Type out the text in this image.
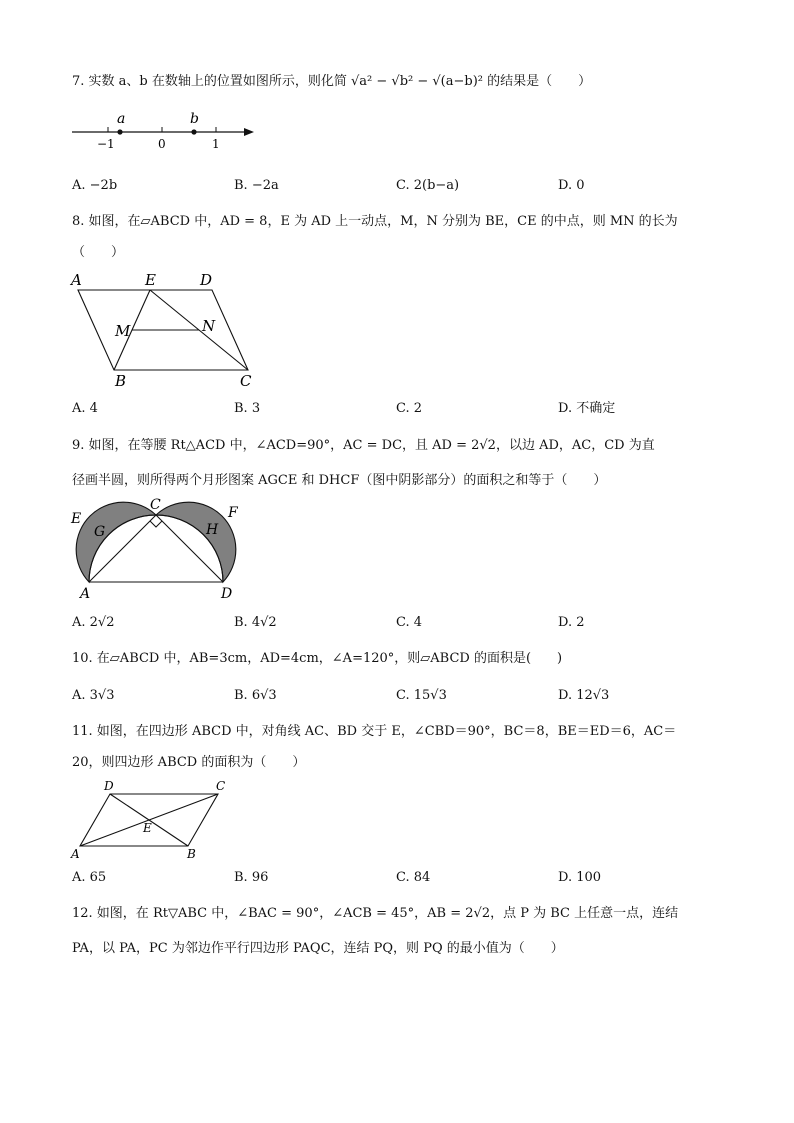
7. 实数 a、b 在数轴上的位置如图所示，则化简 √a² − √b² − √(a−b)² 的结果是（　　）
a	b
−1	0	1
A. −2b	B. −2a	C. 2(b−a)	D. 0
8. 如图，在▱ABCD 中，AD = 8，E 为 AD 上一动点，M，N 分别为 BE，CE 的中点，则 MN 的长为
（　　）
A	E	D
M	N
B	C
A. 4	B. 3	C. 2	D. 不确定
9. 如图，在等腰 Rt△ACD 中，∠ACD=90°，AC = DC，且 AD = 2√2，以边 AD，AC，CD 为直
径画半圆，则所得两个月形图案 AGCE 和 DHCF（图中阴影部分）的面积之和等于（　　）
C
E	F
G	H
A	D
A. 2√2	B. 4√2	C. 4	D. 2
10. 在▱ABCD 中，AB=3cm，AD=4cm，∠A=120°，则▱ABCD 的面积是(　　)
A. 3√3	B. 6√3	C. 15√3	D. 12√3
11. 如图，在四边形 ABCD 中，对角线 AC、BD 交于 E，∠CBD＝90°，BC＝8，BE＝ED＝6，AC＝
20，则四边形 ABCD 的面积为（　　）
D	C
E
A	B
A. 65	B. 96	C. 84	D. 100
12. 如图，在 Rt▽ABC 中，∠BAC = 90°，∠ACB = 45°，AB = 2√2，点 P 为 BC 上任意一点，连结
PA，以 PA，PC 为邻边作平行四边形 PAQC，连结 PQ，则 PQ 的最小值为（　　）
